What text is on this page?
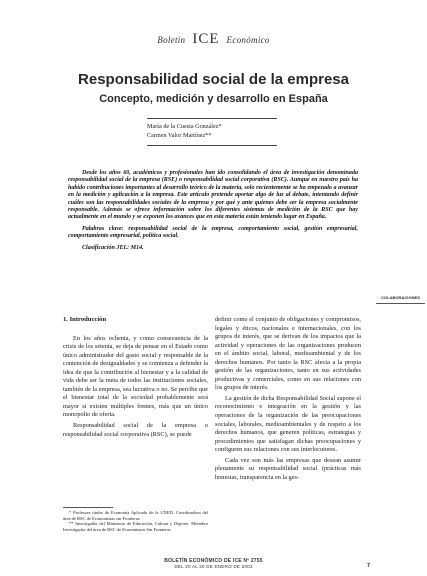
Boletín ICE Económico
Responsabilidad social de la empresa
Concepto, medición y desarrollo en España
María de la Cuesta González*
Carmen Valor Martínez**

Desde los años 60, académicos y profesionales han ido consolidando el área de investigación denominada responsabilidad social de la empresa (RSE) o responsabilidad social corporativa (RSC). Aunque en nuestro país ha habido contribuciones importantes al desarrollo teórico de la materia, solo recientemente se ha empezado a avanzar en la medición y aplicación a la empresa. Este artículo pretende aportar algo de luz al debate, intentando definir cuáles son las responsabilidades sociales de la empresa y por qué y ante quienes debe ser la empresa socialmente responsable. Además se ofrece información sobre los diferentes sistemas de medición de la RSC que hay actualmente en el mundo y se exponen los avances que en esta materia están teniendo lugar en España.

Palabras clave: responsabilidad social de la empresa, comportamiento social, gestión empresarial, comportamiento empresarial, política social.

Clasificación JEL: M14.

COLABORACIONES
1. Introducción

En los años ochenta, y como consecuencia de la crisis de los setenta, se deja de pensar en el Estado como único administrador del gasto social y responsable de la contención de desigualdades y se comienza a defender la idea de que la contribución al bienestar y a la calidad de vida debe ser la meta de todos las instituciones sociales, también de la empresa, sea lucrativa o no. Se percibe que el bienestar total de la sociedad probablemente será mayor si existen múltiples frentes, más que un único monopolio de oferta.

Responsabilidad social de la empresa o responsabilidad social corporativa (RSC), se puede

definir como el conjunto de obligaciones y compromisos, legales y éticos, nacionales e internacionales, con los grupos de interés, que se derivan de los impactos que la actividad y operaciones de las organizaciones producen en el ámbito social, laboral, medioambiental y de los derechos humanos. Por tanto la RSC afecta a la propia gestión de las organizaciones, tanto en sus actividades productivas y comerciales, como en sus relaciones con los grupos de interés.

La gestión de dicha Responsabilidad Social supone el reconocimiento e integración en la gestión y las operaciones de la organización de las preocupaciones sociales, laborales, medioambientales y de respeto a los derechos humanos, que generen políticas, estrategias y procedimientos que satisfagan dichas preocupaciones y configuren sus relaciones con sus interlocutores.

Cada vez son más las empresas que desean asumir plenamente su responsabilidad social (prácticas más honestas, transparencia en la ges-

* Profesora titular de Economía Aplicada de la UNED. Coordinadora del área de RSC de Economistas sin Fronteras.

** Investigador del Ministerio de Educación, Cultura y Deporte. Miembro Investigador del área de RSC de Economistas Sin Fronteras.

BOLETÍN ECONÓMICO DE ICE Nº 2755
DEL 20 AL 26 DE ENERO DE 2003	7
